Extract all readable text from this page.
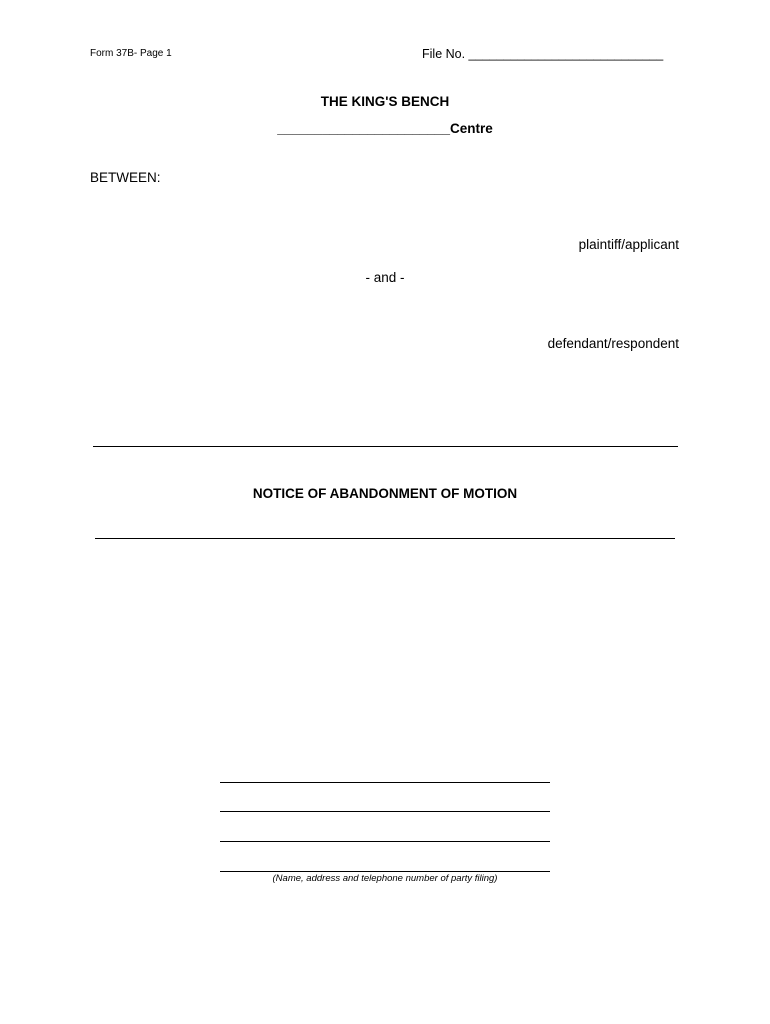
Form 37B- Page 1	File No. ____________________________
THE KING'S BENCH
_______________________Centre
BETWEEN:
plaintiff/applicant
- and -
defendant/respondent
NOTICE OF ABANDONMENT OF MOTION
(Name, address and telephone number of party filing)
